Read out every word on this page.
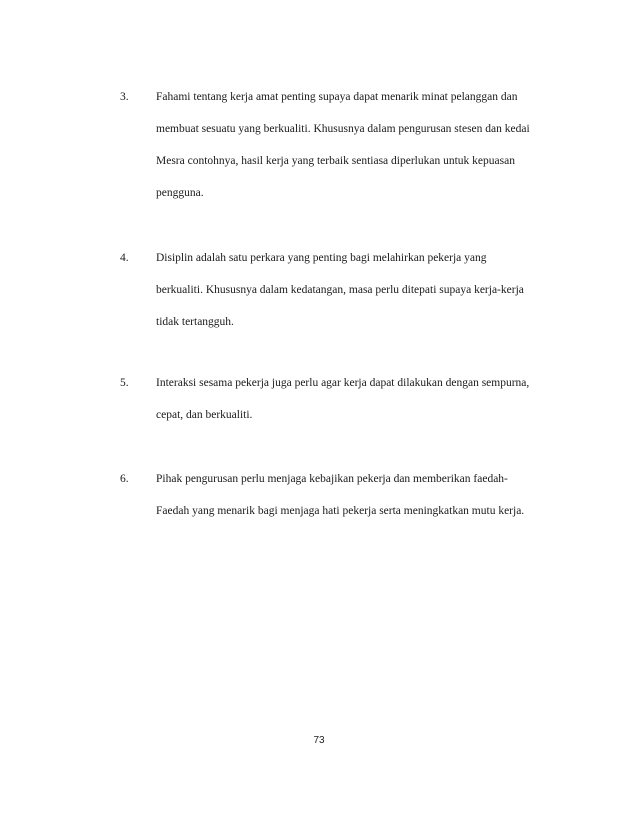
3. Fahami tentang kerja amat penting supaya dapat menarik minat pelanggan dan
membuat sesuatu yang berkualiti. Khususnya dalam pengurusan stesen dan kedai
Mesra contohnya, hasil kerja yang terbaik sentiasa diperlukan untuk kepuasan
pengguna.
4. Disiplin adalah satu perkara yang penting bagi melahirkan pekerja yang
berkualiti. Khususnya dalam kedatangan, masa perlu ditepati supaya kerja-kerja
tidak tertangguh.
5. Interaksi sesama pekerja juga perlu agar kerja dapat dilakukan dengan sempurna,
cepat, dan berkualiti.
6. Pihak pengurusan perlu menjaga kebajikan pekerja dan memberikan faedah-
Faedah yang menarik bagi menjaga hati pekerja serta meningkatkan mutu kerja.
73
